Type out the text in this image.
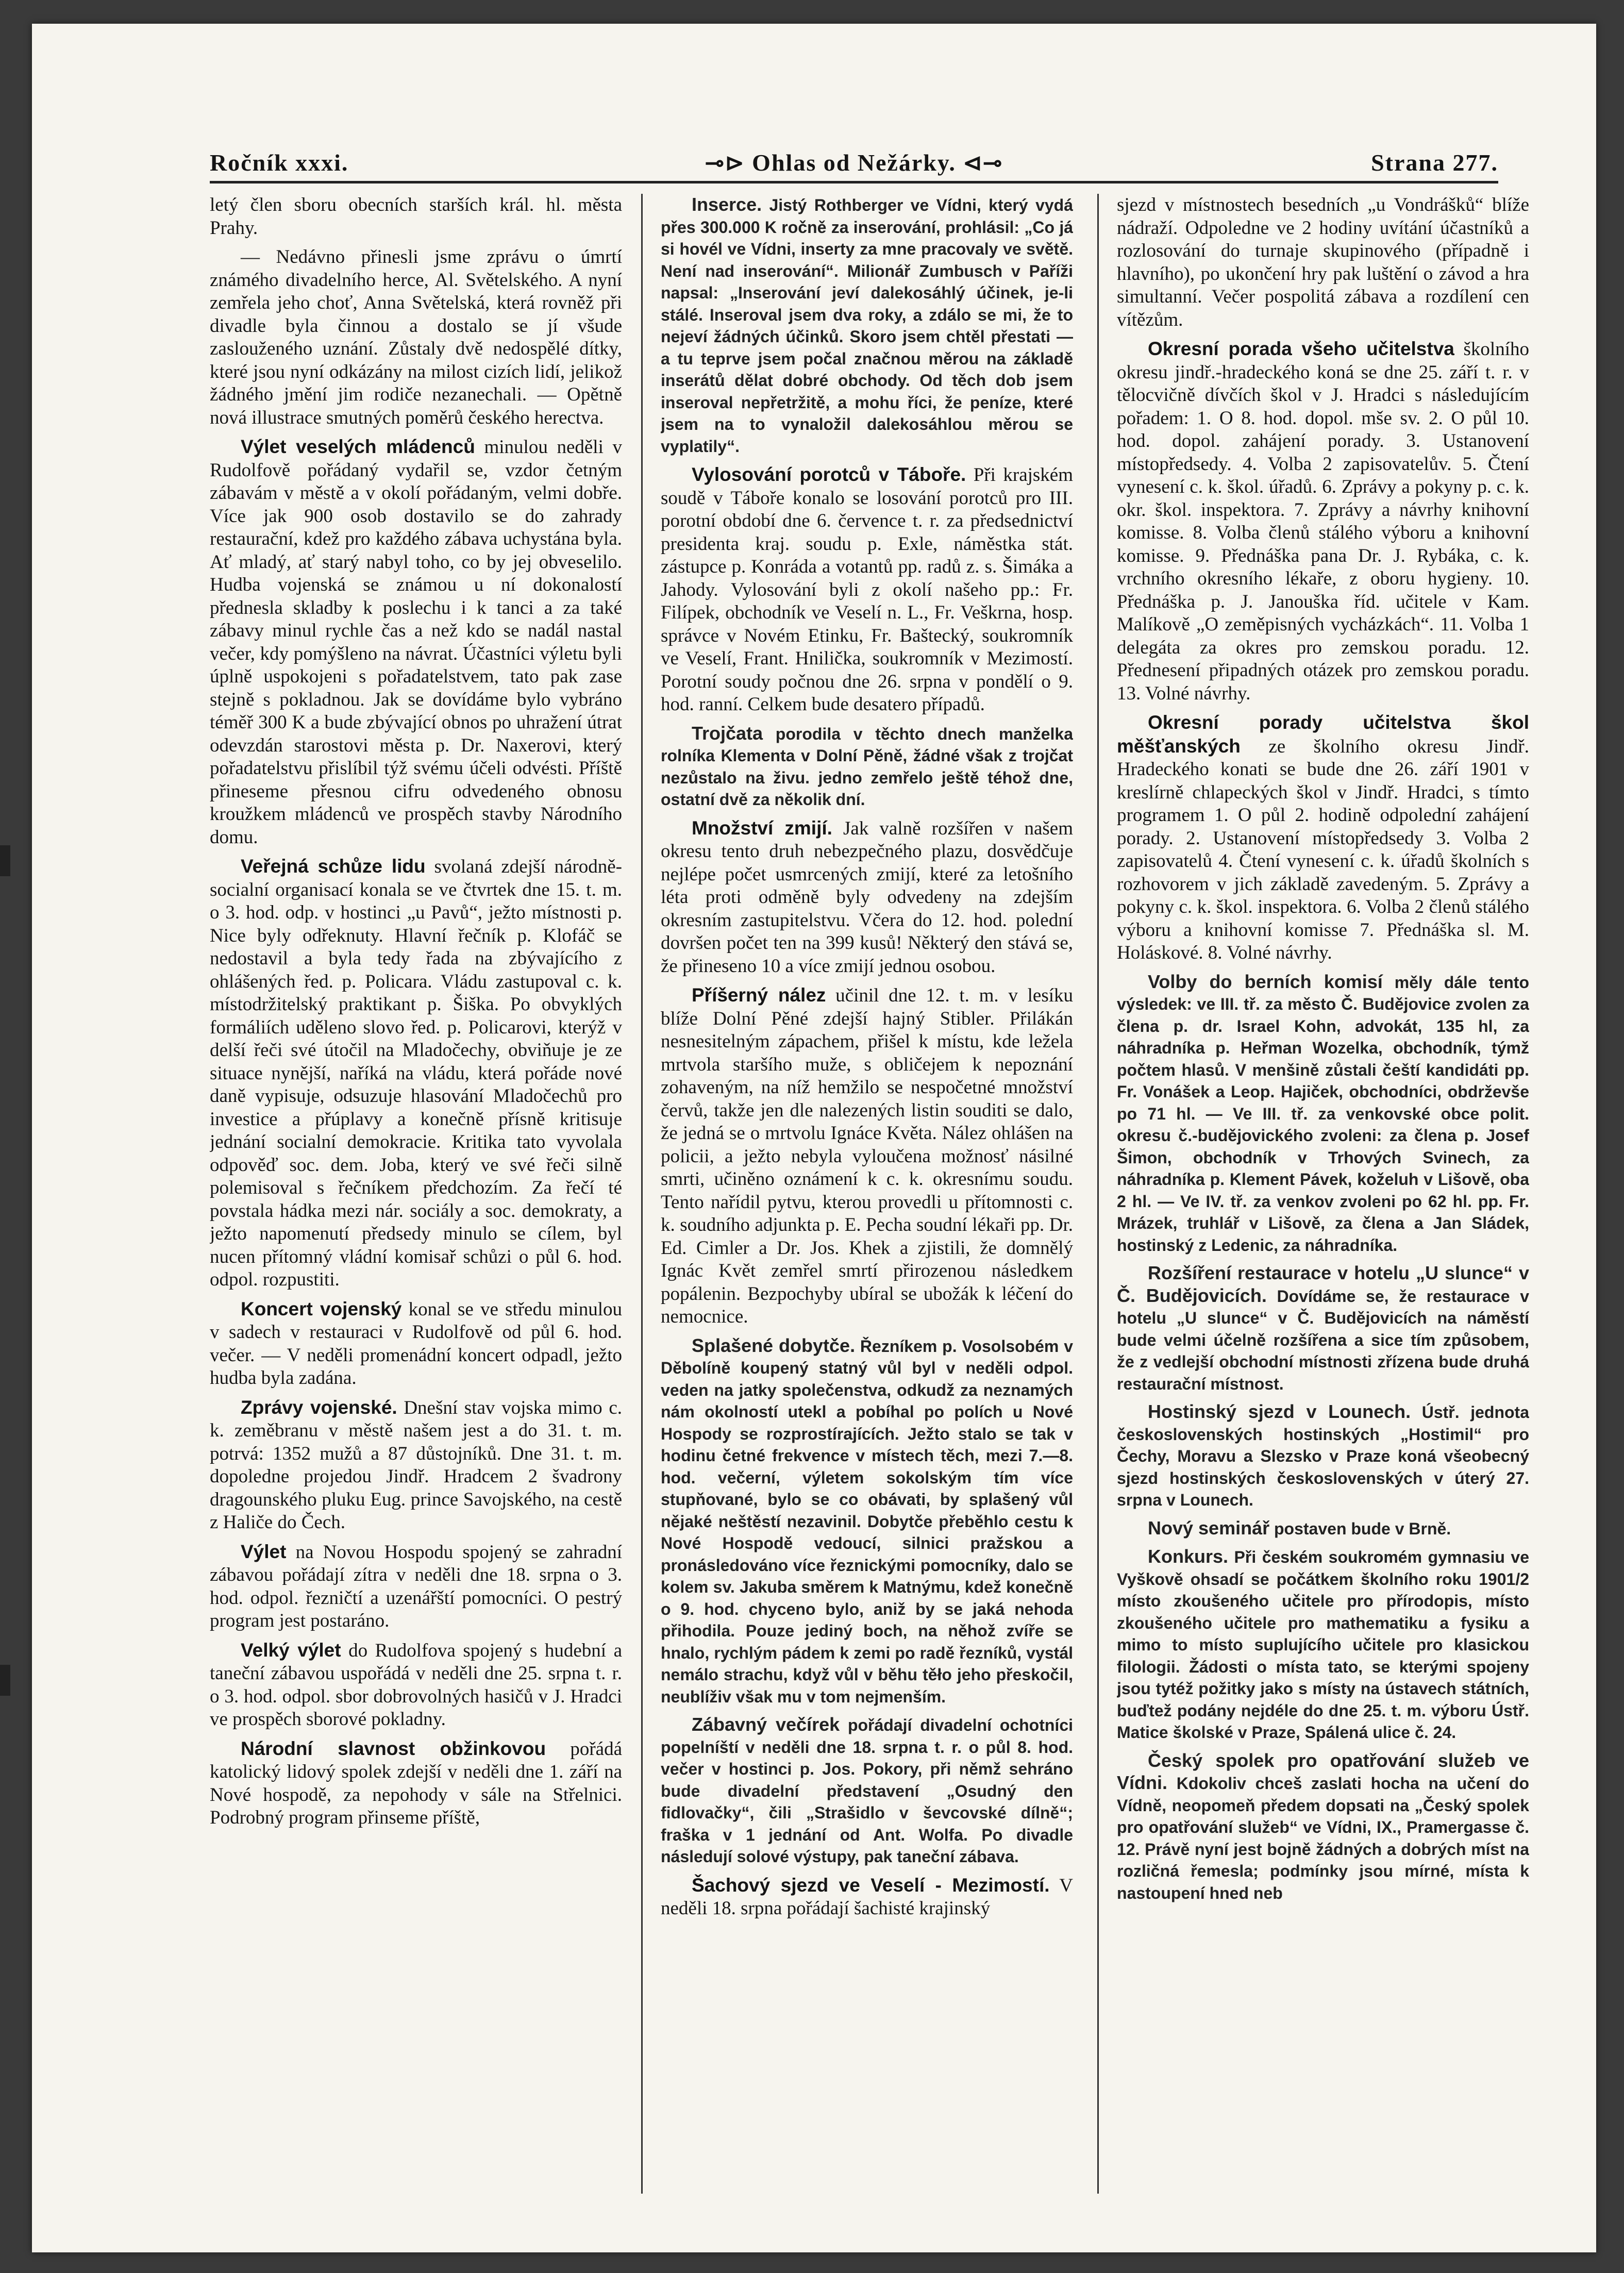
Ročník xxxi.	⊸⊳ Ohlas od Nežárky. ⊲⊸	Strana 277.

letý člen sboru obecních starších král. hl. města Prahy.

— Nedávno přinesli jsme zprávu o úmrtí známého divadelního herce, Al. Světelského. A nyní zemřela jeho choť, Anna Světelská, která rovněž při divadle byla činnou a dostalo se jí všude zaslouženého uznání. Zůstaly dvě nedospělé dítky, které jsou nyní odkázány na milost cizích lidí, jelikož žádného jmění jim rodiče nezanechali. — Opětně nová illustrace smutných poměrů českého herectva.

Výlet veselých mládenců minulou neděli v Rudolfově pořádaný vydařil se, vzdor četným zábavám v městě a v okolí pořádaným, velmi dobře. Více jak 900 osob dostavilo se do zahrady restaurační, kdež pro každého zábava uchystána byla. Ať mladý, ať starý nabyl toho, co by jej obveselilo. Hudba vojenská se známou u ní dokonalostí přednesla skladby k poslechu i k tanci a za také zábavy minul rychle čas a než kdo se nadál nastal večer, kdy pomýšleno na návrat. Účastníci výletu byli úplně uspokojeni s pořadatelstvem, tato pak zase stejně s pokladnou. Jak se dovídáme bylo vybráno téměř 300 K a bude zbývající obnos po uhražení útrat odevzdán starostovi města p. Dr. Naxerovi, který pořadatelstvu přislíbil týž svému účeli odvésti. Příště přineseme přesnou cifru odvedeného obnosu kroužkem mládenců ve prospěch stavby Národního domu.

Veřejná schůze lidu svolaná zdejší národně-socialní organisací konala se ve čtvrtek dne 15. t. m. o 3. hod. odp. v hostinci „u Pavů“, ježto místnosti p. Nice byly odřeknuty. Hlavní řečník p. Klofáč se nedostavil a byla tedy řada na zbývajícího z ohlášených řed. p. Policara. Vládu zastupoval c. k. místodržitelský praktikant p. Šiška. Po obvyklých formáliích uděleno slovo řed. p. Policarovi, kterýž v delší řeči své útočil na Mladočechy, obviňuje je ze situace nynější, naříká na vládu, která pořáde nové daně vypisuje, odsuzuje hlasování Mladočechů pro investice a přúplavy a konečně přísně kritisuje jednání socialní demokracie. Kritika tato vyvolala odpověď soc. dem. Joba, který ve své řeči silně polemisoval s řečníkem předchozím. Za řečí té povstala hádka mezi nár. sociály a soc. demokraty, a ježto napomenutí předsedy minulo se cílem, byl nucen přítomný vládní komisař schůzi o půl 6. hod. odpol. rozpustiti.

Koncert vojenský konal se ve středu minulou v sadech v restauraci v Rudolfově od půl 6. hod. večer. — V neděli promenádní koncert odpadl, ježto hudba byla zadána.

Zprávy vojenské. Dnešní stav vojska mimo c. k. zeměbranu v městě našem jest a do 31. t. m. potrvá: 1352 mužů a 87 důstojníků. Dne 31. t. m. dopoledne projedou Jindř. Hradcem 2 švadrony dragounského pluku Eug. prince Savojského, na cestě z Haliče do Čech.

Výlet na Novou Hospodu spojený se zahradní zábavou pořádají zítra v neděli dne 18. srpna o 3. hod. odpol. řezničtí a uzenářští pomocníci. O pestrý program jest postaráno.

Velký výlet do Rudolfova spojený s hudební a taneční zábavou uspořádá v neděli dne 25. srpna t. r. o 3. hod. odpol. sbor dobrovolných hasičů v J. Hradci ve prospěch sborové pokladny.

Národní slavnost obžinkovou pořádá katolický lidový spolek zdejší v neděli dne 1. září na Nové hospodě, za nepohody v sále na Střelnici. Podrobný program přinseme příště,

Inserce. Jistý Rothberger ve Vídni, který vydá přes 300.000 K ročně za inserování, prohlásil: „Co já si hovél ve Vídni, inserty za mne pracovaly ve světě. Není nad inserování“. Milionář Zumbusch v Paříži napsal: „Inserování jeví dalekosáhlý účinek, je-li stálé. Inseroval jsem dva roky, a zdálo se mi, že to nejeví žádných účinků. Skoro jsem chtěl přestati — a tu teprve jsem počal značnou měrou na základě inserátů dělat dobré obchody. Od těch dob jsem inseroval nepřetržitě, a mohu říci, že peníze, které jsem na to vynaložil dalekosáhlou měrou se vyplatily“.

Vylosování porotců v Táboře. Při krajském soudě v Táboře konalo se losování porotců pro III. porotní období dne 6. července t. r. za předsednictví presidenta kraj. soudu p. Exle, náměstka stát. zástupce p. Konráda a votantů pp. radů z. s. Šimáka a Jahody. Vylosování byli z okolí našeho pp.: Fr. Filípek, obchodník ve Veselí n. L., Fr. Veškrna, hosp. správce v Novém Etinku, Fr. Baštecký, soukromník ve Veselí, Frant. Hnilička, soukromník v Mezimostí. Porotní soudy počnou dne 26. srpna v pondělí o 9. hod. ranní. Celkem bude desatero případů.

Trojčata porodila v těchto dnech manželka rolníka Klementa v Dolní Pěně, žádné však z trojčat nezůstalo na živu. jedno zemřelo ještě téhož dne, ostatní dvě za několik dní.

Množství zmijí. Jak valně rozšířen v našem okresu tento druh nebezpečného plazu, dosvědčuje nejlépe počet usmrcených zmijí, které za letošního léta proti odměně byly odvedeny na zdejším okresním zastupitelstvu. Včera do 12. hod. polední dovršen počet ten na 399 kusů! Některý den stává se, že přineseno 10 a více zmijí jednou osobou.

Příšerný nález učinil dne 12. t. m. v lesíku blíže Dolní Pěné zdejší hajný Stibler. Přilákán nesnesitelným zápachem, přišel k místu, kde ležela mrtvola staršího muže, s obličejem k nepoznání zohaveným, na níž hemžilo se nespočetné množství červů, takže jen dle nalezených listin souditi se dalo, že jedná se o mrtvolu Ignáce Květa. Nález ohlášen na policii, a ježto nebyla vyloučena možnosť násilné smrti, učiněno oznámení k c. k. okresnímu soudu. Tento nařídil pytvu, kterou provedli u přítomnosti c. k. soudního adjunkta p. E. Pecha soudní lékaři pp. Dr. Ed. Cimler a Dr. Jos. Khek a zjistili, že domnělý Ignác Květ zemřel smrtí přirozenou následkem popálenin. Bezpochyby ubíral se ubožák k léčení do nemocnice.

Splašené dobytče. Řezníkem p. Vosolsobém v Děbolíně koupený statný vůl byl v neděli odpol. veden na jatky společenstva, odkudž za neznamých nám okolností utekl a pobíhal po polích u Nové Hospody se rozprostírajících. Ježto stalo se tak v hodinu četné frekvence v místech těch, mezi 7.—8. hod. večerní, výletem sokolským tím více stupňované, bylo se co obávati, by splašený vůl nějaké neštěstí nezavinil. Dobytče přeběhlo cestu k Nové Hospodě vedoucí, silnici pražskou a pronásledováno více řeznickými pomocníky, dalo se kolem sv. Jakuba směrem k Matnýmu, kdež konečně o 9. hod. chyceno bylo, aniž by se jaká nehoda přihodila. Pouze jediný boch, na něhož zvíře se hnalo, rychlým pádem k zemi po radě řezníků, vystál nemálo strachu, když vůl v běhu těło jeho přeskočil, neublíživ však mu v tom nejmenším.

Zábavný večírek pořádají divadelní ochotníci popelníští v neděli dne 18. srpna t. r. o půl 8. hod. večer v hostinci p. Jos. Pokory, při němž sehráno bude divadelní představení „Osudný den fidlovačky“, čili „Strašidlo v ševcovské dílně“; fraška v 1 jednání od Ant. Wolfa. Po divadle následují solové výstupy, pak taneční zábava.

Šachový sjezd ve Veselí - Mezimostí. V neděli 18. srpna pořádají šachisté krajinský

sjezd v místnostech besedních „u Vondrášků“ blíže nádraží. Odpoledne ve 2 hodiny uvítání účastníků a rozlosování do turnaje skupinového (případně i hlavního), po ukončení hry pak luštění o závod a hra simultanní. Večer pospolitá zábava a rozdílení cen vítězům.

Okresní porada všeho učitelstva školního okresu jindř.-hradeckého koná se dne 25. září t. r. v tělocvičně dívčích škol v J. Hradci s následujícím pořadem: 1. O 8. hod. dopol. mše sv. 2. O půl 10. hod. dopol. zahájení porady. 3. Ustanovení místopředsedy. 4. Volba 2 zapisovatelův. 5. Čtení vynesení c. k. škol. úřadů. 6. Zprávy a pokyny p. c. k. okr. škol. inspektora. 7. Zprávy a návrhy knihovní komisse. 8. Volba členů stálého výboru a knihovní komisse. 9. Přednáška pana Dr. J. Rybáka, c. k. vrchního okresního lékaře, z oboru hygieny. 10. Přednáška p. J. Janouška říd. učitele v Kam. Malíkově „O zeměpisných vycházkách“. 11. Volba 1 delegáta za okres pro zemskou poradu. 12. Přednesení připadných otázek pro zemskou poradu. 13. Volné návrhy.

Okresní porady učitelstva škol měšťanských ze školního okresu Jindř. Hradeckého konati se bude dne 26. září 1901 v kreslírně chlapeckých škol v Jindř. Hradci, s tímto programem 1. O půl 2. hodině odpolední zahájení porady. 2. Ustanovení místopředsedy 3. Volba 2 zapisovatelů 4. Čtení vynesení c. k. úřadů školních s rozhovorem v jich základě zavedeným. 5. Zprávy a pokyny c. k. škol. inspektora. 6. Volba 2 členů stálého výboru a knihovní komisse 7. Přednáška sl. M. Holáskové. 8. Volné návrhy.

Volby do berních komisí měly dále tento výsledek: ve III. tř. za město Č. Budějovice zvolen za člena p. dr. Israel Kohn, advokát, 135 hl, za náhradníka p. Heřman Wozelka, obchodník, týmž počtem hlasů. V menšině zůstali čeští kandidáti pp. Fr. Vonášek a Leop. Hajiček, obchodníci, obdrževše po 71 hl. — Ve III. tř. za venkovské obce polit. okresu č.-budějovického zvoleni: za člena p. Josef Šimon, obchodník v Trhových Svinech, za náhradníka p. Klement Pávek, koželuh v Lišově, oba 2 hl. — Ve IV. tř. za venkov zvoleni po 62 hl. pp. Fr. Mrázek, truhlář v Lišově, za člena a Jan Sládek, hostinský z Ledenic, za náhradníka.

Rozšíření restaurace v hotelu „U slunce“ v Č. Budějovicích. Dovídáme se, že restaurace v hotelu „U slunce“ v Č. Budějovicích na náměstí bude velmi účelně rozšířena a sice tím způsobem, že z vedlejší obchodní místnosti zřízena bude druhá restaurační místnost.

Hostinský sjezd v Lounech. Ústř. jednota československých hostinských „Hostimil“ pro Čechy, Moravu a Slezsko v Praze koná všeobecný sjezd hostinských československých v úterý 27. srpna v Lounech.

Nový seminář postaven bude v Brně.

Konkurs. Při českém soukromém gymnasiu ve Vyškově ohsadí se počátkem školního roku 1901/2 místo zkoušeného učitele pro přírodopis, místo zkoušeného učitele pro mathematiku a fysiku a mimo to místo suplujícího učitele pro klasickou filologii. Žádosti o místa tato, se kterými spojeny jsou tytéž požitky jako s místy na ústavech státních, buďtež podány nejdéle do dne 25. t. m. výboru Ústř. Matice školské v Praze, Spálená ulice č. 24.

Český spolek pro opatřování služeb ve Vídni. Kdokoliv chceš zaslati hocha na učení do Vídně, neopomeň předem dopsati na „Český spolek pro opatřování služeb“ ve Vídni, IX., Pramergasse č. 12. Právě nyní jest bojně žádných a dobrých míst na rozličná řemesla; podmínky jsou mírné, místa k nastoupení hned neb
